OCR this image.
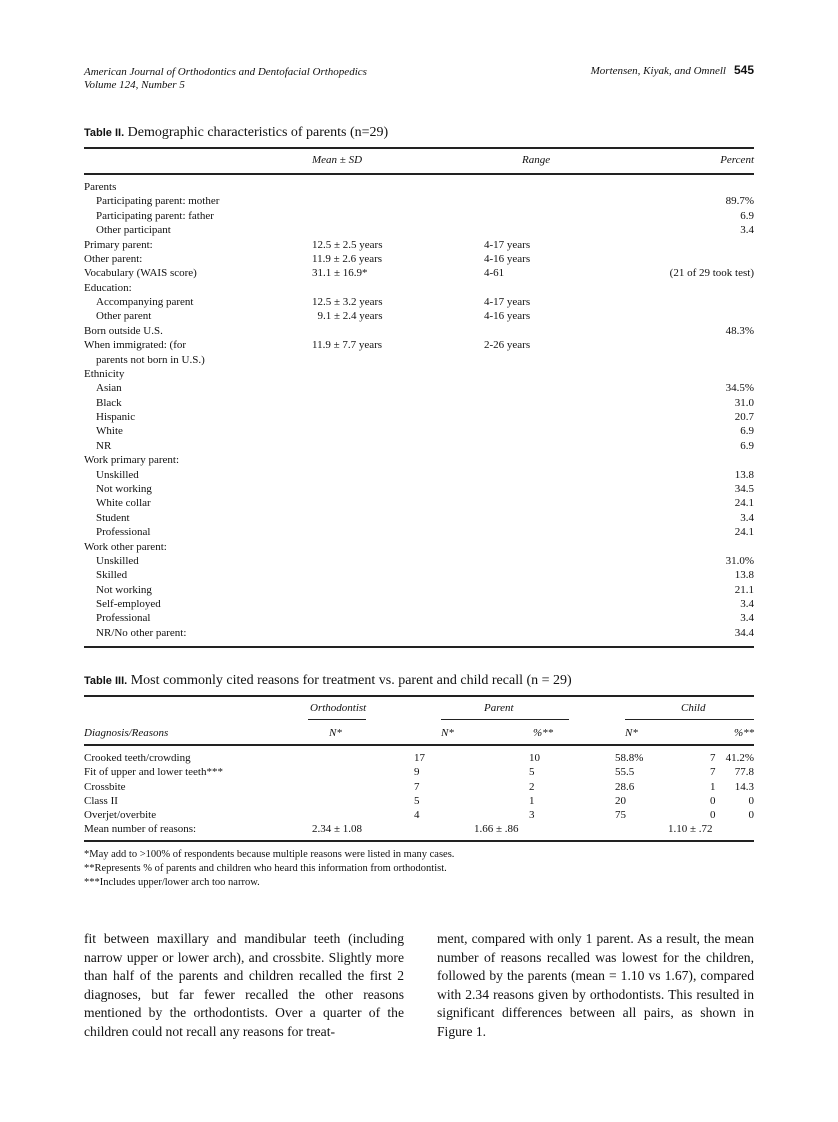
American Journal of Orthodontics and Dentofacial Orthopedics
Volume 124, Number 5
Mortensen, Kiyak, and Omnell 545
Table II. Demographic characteristics of parents (n=29)
Mean ± SD	Range	Percent
Parents
Participating parent: mother	89.7%
Participating parent: father	6.9
Other participant	3.4
Primary parent:	12.5 ± 2.5 years	4-17 years
Other parent:	11.9 ± 2.6 years	4-16 years
Vocabulary (WAIS score)	31.1 ± 16.9*	4-61	(21 of 29 took test)
Education:
Accompanying parent	12.5 ± 3.2 years	4-17 years
Other parent	9.1 ± 2.4 years	4-16 years
Born outside U.S.	48.3%
When immigrated: (for	11.9 ± 7.7 years	2-26 years
parents not born in U.S.)
Ethnicity
Asian	34.5%
Black	31.0
Hispanic	20.7
White	6.9
NR	6.9
Work primary parent:
Unskilled	13.8
Not working	34.5
White collar	24.1
Student	3.4
Professional	24.1
Work other parent:
Unskilled	31.0%
Skilled	13.8
Not working	21.1
Self-employed	3.4
Professional	3.4
NR/No other parent:	34.4
Table III. Most commonly cited reasons for treatment vs. parent and child recall (n = 29)
Orthodontist	Parent	Child
Diagnosis/Reasons	N*	N*	%**	N*	%**
Crooked teeth/crowding	17	10	58.8%	7 41.2%
Fit of upper and lower teeth***	9	5	55.5	7 77.8
Crossbite	7	2	28.6	1 14.3
Class II	5	1	20	0	0
Overjet/overbite	4	3	75	0	0
Mean number of reasons:	2.34 ± 1.08	1.66 ± .86	1.10 ± .72
*May add to >100% of respondents because multiple reasons were listed in many cases.
**Represents % of parents and children who heard this information from orthodontist.
***Includes upper/lower arch too narrow.
fit between maxillary and mandibular teeth (including narrow upper or lower arch), and crossbite. Slightly more than half of the parents and children recalled the first 2 diagnoses, but far fewer recalled the other reasons mentioned by the orthodontists. Over a quarter of the children could not recall any reasons for treat-
ment, compared with only 1 parent. As a result, the mean number of reasons recalled was lowest for the children, followed by the parents (mean = 1.10 vs 1.67), compared with 2.34 reasons given by orthodontists. This resulted in significant differences between all pairs, as shown in Figure 1.
